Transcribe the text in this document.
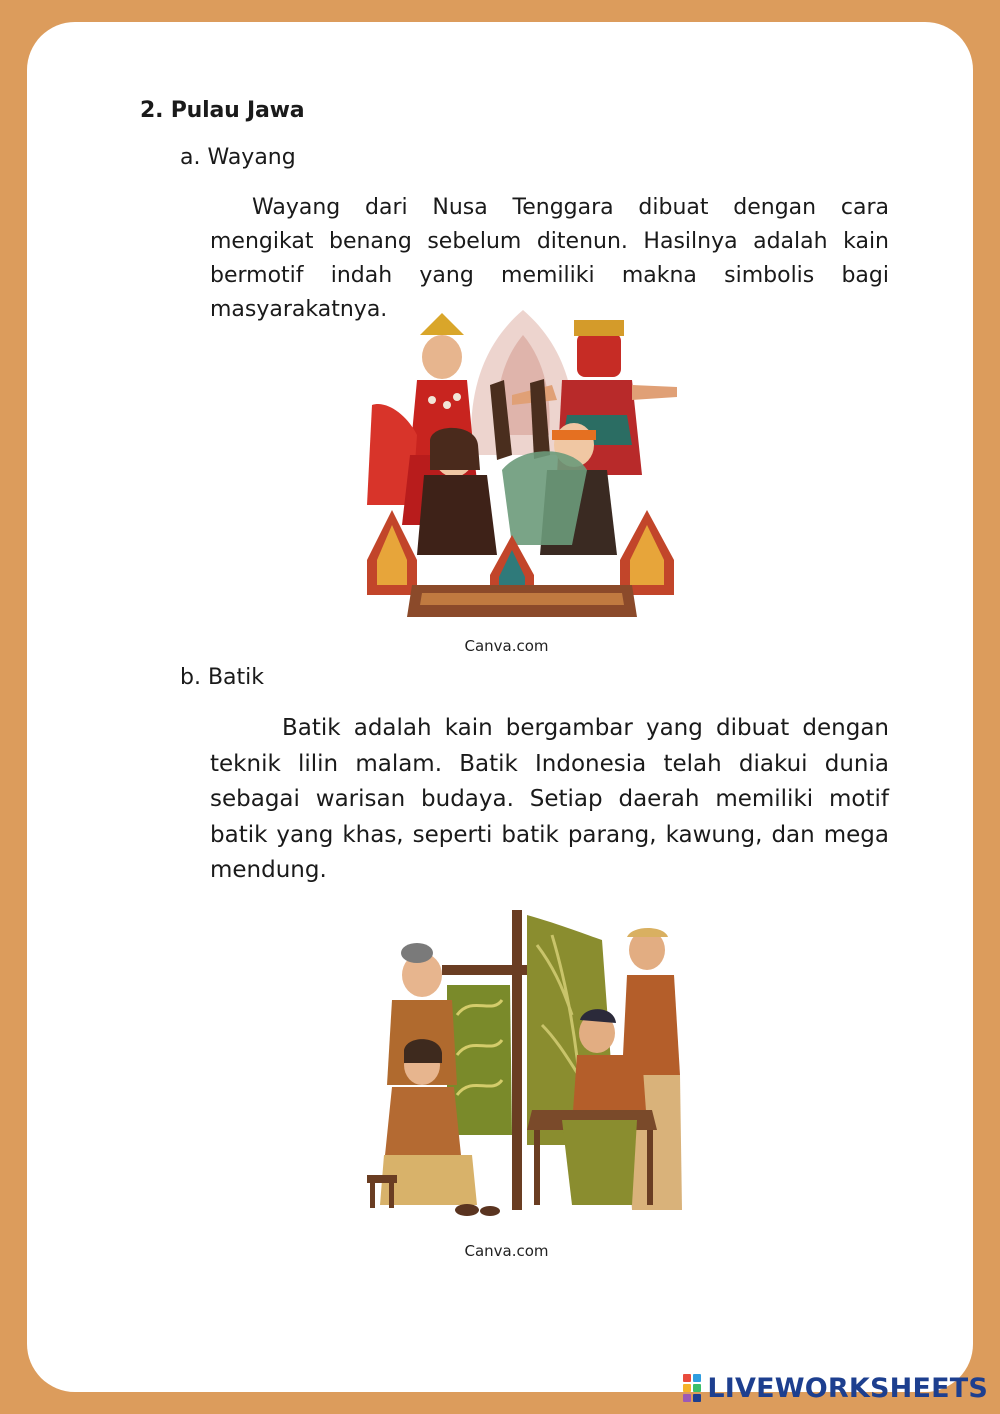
2. Pulau Jawa
a. Wayang

Wayang dari Nusa Tenggara dibuat dengan cara mengikat benang sebelum ditenun. Hasilnya adalah kain bermotif indah yang memiliki makna simbolis bagi masyarakatnya.

Canva.com
b. Batik

Batik adalah kain bergambar yang dibuat dengan teknik lilin malam. Batik Indonesia telah diakui dunia sebagai warisan budaya. Setiap daerah memiliki motif batik yang khas, seperti batik parang, kawung, dan mega mendung.

Canva.com
LIVEWORKSHEETS
